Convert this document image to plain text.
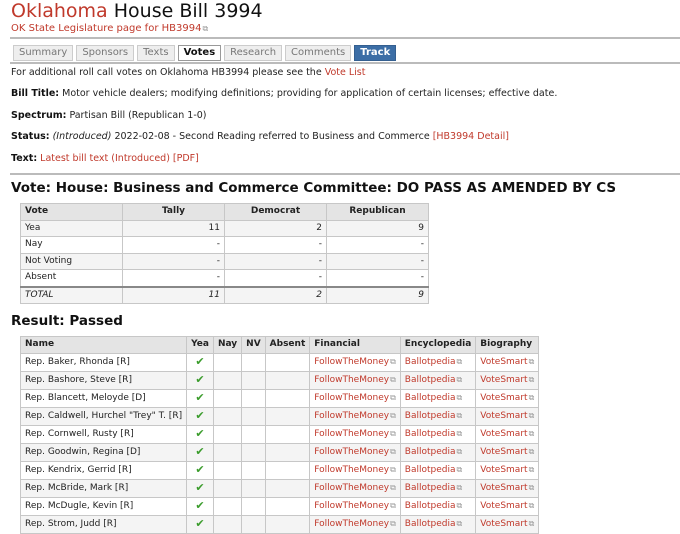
Oklahoma House Bill 3994
OK State Legislature page for HB3994⧉
Summary	Sponsors	Texts	Votes	Research	Comments	Track
For additional roll call votes on Oklahoma HB3994 please see the Vote List
Bill Title: Motor vehicle dealers; modifying definitions; providing for application of certain licenses; effective date.
Spectrum: Partisan Bill (Republican 1-0)
Status: (Introduced) 2022-02-08 - Second Reading referred to Business and Commerce [HB3994 Detail]
Text: Latest bill text (Introduced) [PDF]
Vote: House: Business and Commerce Committee: DO PASS AS AMENDED BY CS
Vote	Tally	Democrat	Republican
Yea	11	2	9
Nay	-	-	-
Not Voting	-	-	-
Absent	-	-	-
TOTAL	11	2	9
Result: Passed
Name	Yea	Nay	NV	Absent	Financial	Encyclopedia	Biography
Rep. Baker, Rhonda [R]	✔				FollowTheMoney⧉	Ballotpedia⧉	VoteSmart⧉
Rep. Bashore, Steve [R]	✔				FollowTheMoney⧉	Ballotpedia⧉	VoteSmart⧉
Rep. Blancett, Meloyde [D]	✔				FollowTheMoney⧉	Ballotpedia⧉	VoteSmart⧉
Rep. Caldwell, Hurchel "Trey" T. [R]	✔				FollowTheMoney⧉	Ballotpedia⧉	VoteSmart⧉
Rep. Cornwell, Rusty [R]	✔				FollowTheMoney⧉	Ballotpedia⧉	VoteSmart⧉
Rep. Goodwin, Regina [D]	✔				FollowTheMoney⧉	Ballotpedia⧉	VoteSmart⧉
Rep. Kendrix, Gerrid [R]	✔				FollowTheMoney⧉	Ballotpedia⧉	VoteSmart⧉
Rep. McBride, Mark [R]	✔				FollowTheMoney⧉	Ballotpedia⧉	VoteSmart⧉
Rep. McDugle, Kevin [R]	✔				FollowTheMoney⧉	Ballotpedia⧉	VoteSmart⧉
Rep. Strom, Judd [R]	✔				FollowTheMoney⧉	Ballotpedia⧉	VoteSmart⧉
